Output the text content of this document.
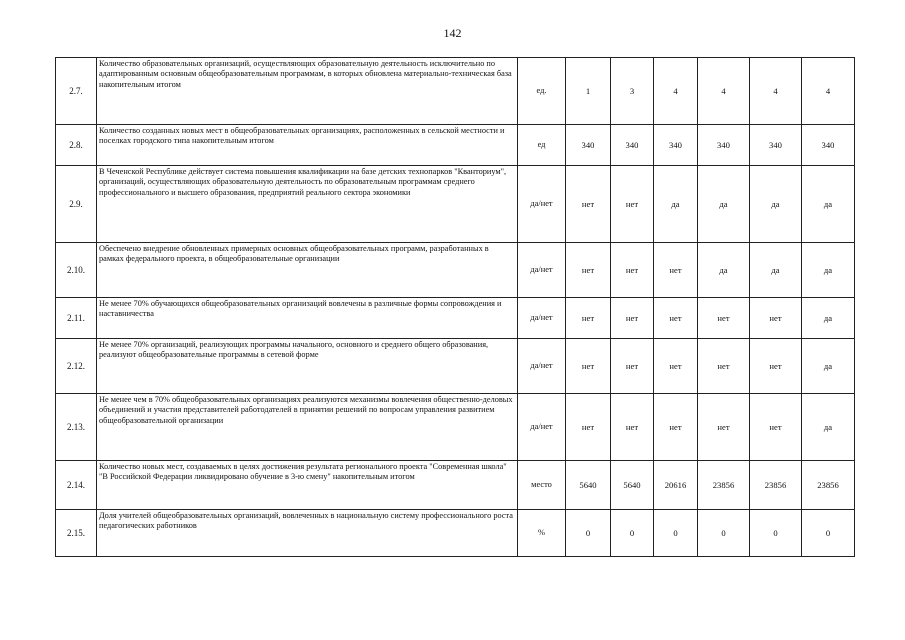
142
2.7.	Количество образовательных организаций, осуществляющих образовательную деятельность исключительно по адаптированным основным общеобразовательным программам, в которых обновлена материально-техническая база накопительным итогом	ед.	1	3	4	4	4	4
2.8.	Количество созданных новых мест в общеобразовательных организациях, расположенных в сельской местности и поселках городского типа накопительным итогом	ед	340	340	340	340	340	340
2.9.	В Чеченской Республике действует система повышения квалификации на базе детских технопарков "Кванториум", организаций, осуществляющих образовательную деятельность по образовательным программам среднего профессионального и высшего образования, предприятий реального сектора экономики	да/нет	нет	нет	да	да	да	да
2.10.	Обеспечено внедрение обновленных примерных основных общеобразовательных программ, разработанных в рамках федерального проекта, в общеобразовательные организации	да/нет	нет	нет	нет	да	да	да
2.11.	Не менее 70% обучающихся общеобразовательных организаций вовлечены в различные формы сопровождения и наставничества	да/нет	нет	нет	нет	нет	нет	да
2.12.	Не менее 70% организаций, реализующих программы начального, основного и среднего общего образования, реализуют общеобразовательные программы в сетевой форме	да/нет	нет	нет	нет	нет	нет	да
2.13.	Не менее чем в 70% общеобразовательных организациях реализуются механизмы вовлечения общественно-деловых объединений и участия представителей работодателей в принятии решений по вопросам управления развитием общеобразовательной организации	да/нет	нет	нет	нет	нет	нет	да
2.14.	Количество новых мест, создаваемых в целях достижения результата регионального проекта "Современная школа" "В Российской Федерации ликвидировано обучение в 3-ю смену" накопительным итогом	место	5640	5640	20616	23856	23856	23856
2.15.	Доля учителей общеобразовательных организаций, вовлеченных в национальную систему профессионального роста педагогических работников	%	0	0	0	0	0	0
